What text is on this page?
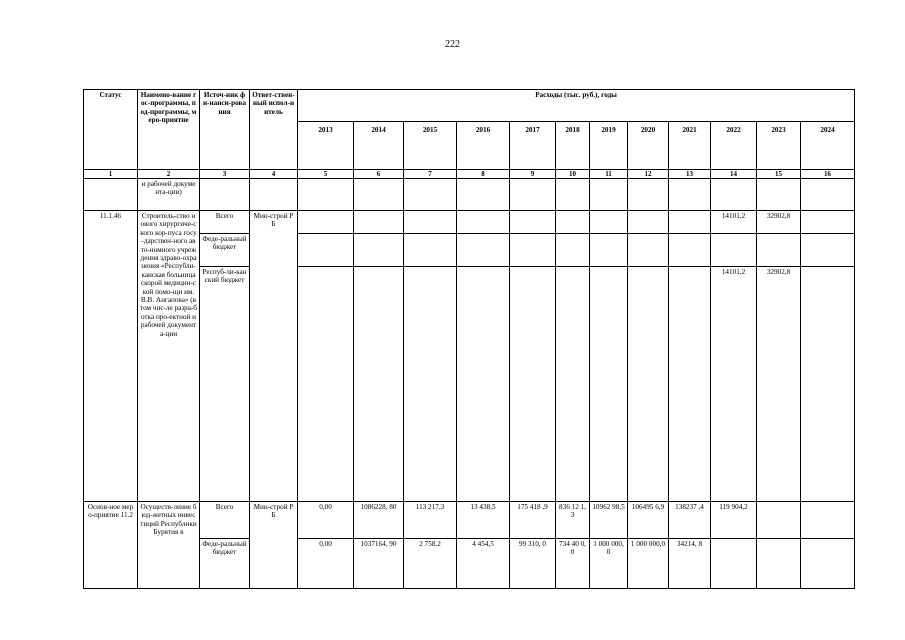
222
Статус	Наимено-вание гос-программы, под-программы, меро-приятие	Источ-ник фи-нанси-рования	Ответ-ствен-ный испол-нитель	Расходы (тыс. руб.), годы											
				2013	2014	2015	2016	2017	2018	2019	2020	2021	2022	2023	2024
1	2	3	4	5	6	7	8	9	10	11	12	13	14	15	16
	и рабочей документа-ции)														
11.1.46	Строитель-ство нового хирургиче-ского кор-пуса госу-дарствен-ного авто-номного учреждения здраво-охранения «Республи-канская больница скорой медицин-ской помо-щи им. В.В. Ангапова» (в том чис-ле разра-ботка про-ектной и рабочей документа-ции	Всего	Мин-строй РБ										14101,2	32902,8	
		Феде-ральный бюджет													
		Респуб-ли-канский бюджет											14101,2	32902,8	
Основ-ное меро-приятие 11.2	Осуществ-ление бюд-жетных инвестиций Республики Бурятия в	Всего	Мин-строй РБ	0,00	1086228, 80	113 217,3	13 438,5	175 418 ,9	836 12 1,3	10962 98,5	106495 6,9	138237 ,4	119 904,2		
		Феде-ральный бюджет		0,00	1037164, 90	2 758,2	4 454,5	99 310, 0	734 40 0,0	1 000 000,0	1 000 000,0	34214, 8			
